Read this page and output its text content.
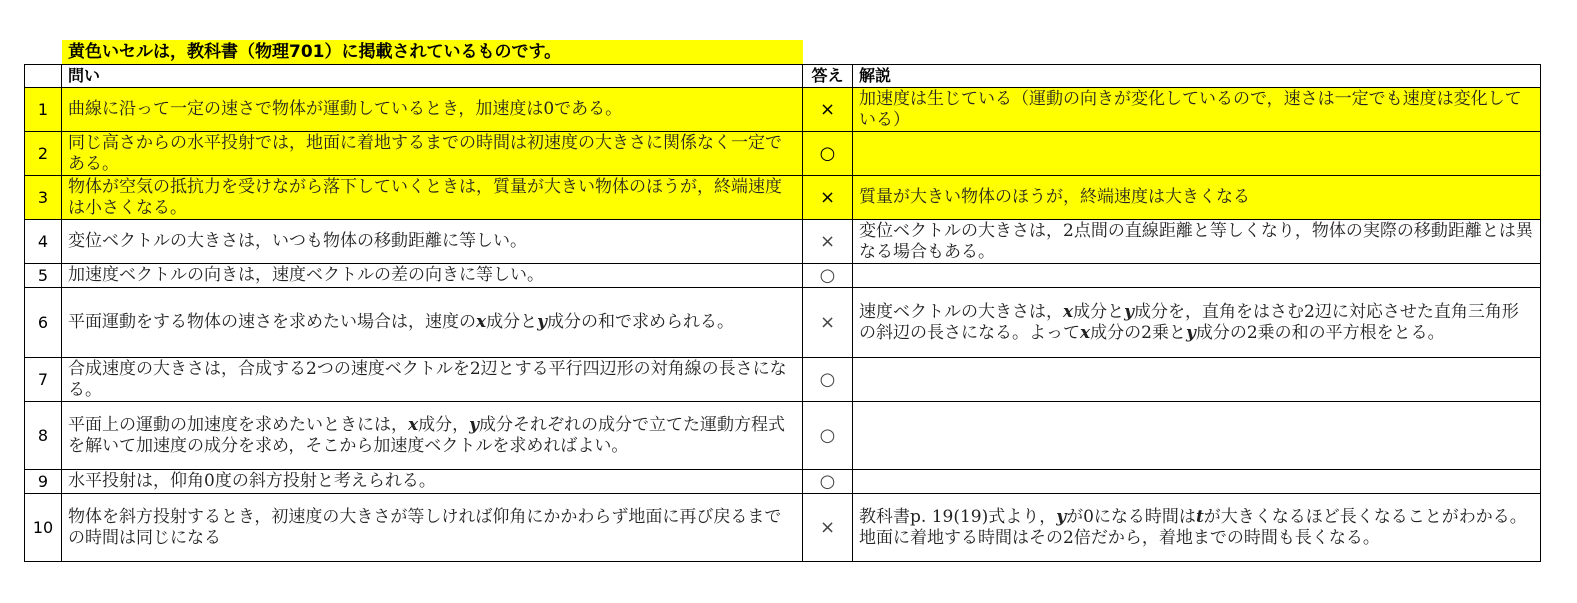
黄色いセルは，教科書（物理701）に掲載されているものです。
	問い	答え	解説
1	曲線に沿って一定の速さで物体が運動しているとき，加速度は0である。	×	加速度は生じている（運動の向きが変化しているので，速さは一定でも速度は変化している）
2	同じ高さからの水平投射では，地面に着地するまでの時間は初速度の大きさに関係なく一定である。	○	
3	物体が空気の抵抗力を受けながら落下していくときは，質量が大きい物体のほうが，終端速度は小さくなる。	×	質量が大きい物体のほうが，終端速度は大きくなる
4	変位ベクトルの大きさは，いつも物体の移動距離に等しい。	×	変位ベクトルの大きさは，2点間の直線距離と等しくなり，物体の実際の移動距離とは異なる場合もある。
5	加速度ベクトルの向きは，速度ベクトルの差の向きに等しい。	○	
6	平面運動をする物体の速さを求めたい場合は，速度のx成分とy成分の和で求められる。	×	速度ベクトルの大きさは，x成分とy成分を，直角をはさむ2辺に対応させた直角三角形の斜辺の長さになる。よってx成分の2乗とy成分の2乗の和の平方根をとる。
7	合成速度の大きさは，合成する2つの速度ベクトルを2辺とする平行四辺形の対角線の長さになる。	○	
8	平面上の運動の加速度を求めたいときには，x成分，y成分それぞれの成分で立てた運動方程式を解いて加速度の成分を求め，そこから加速度ベクトルを求めればよい。	○	
9	水平投射は，仰角0度の斜方投射と考えられる。	○	
10	物体を斜方投射するとき，初速度の大きさが等しければ仰角にかかわらず地面に再び戻るまでの時間は同じになる	×	教科書p. 19(19)式より，yが0になる時間はtが大きくなるほど長くなることがわかる。地面に着地する時間はその2倍だから，着地までの時間も長くなる。
